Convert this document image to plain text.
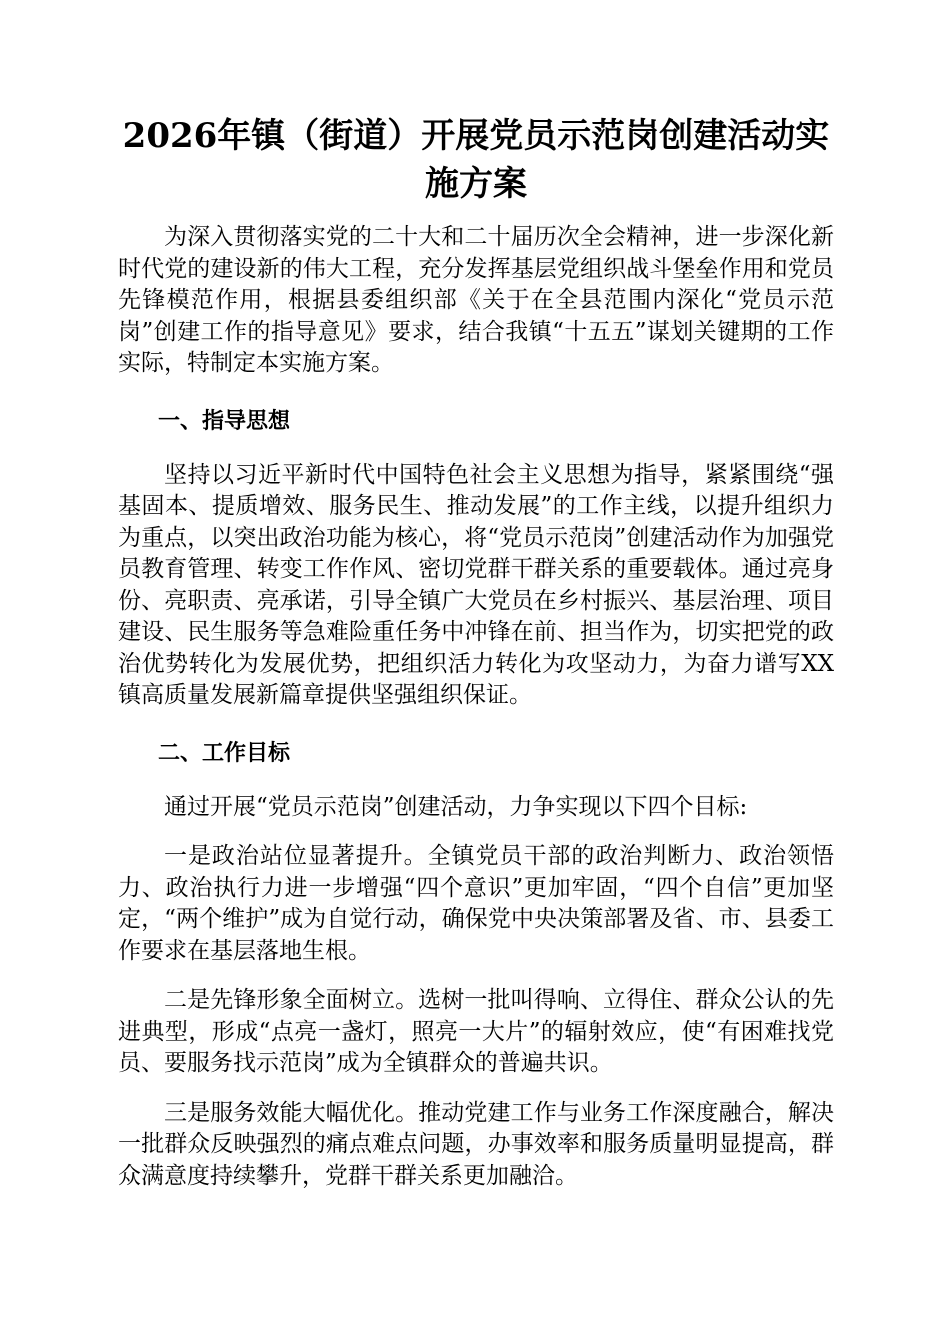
2026年镇（街道）开展党员示范岗创建活动实
施方案

为深入贯彻落实党的二十大和二十届历次全会精神，进一步深化新时代党的建设新的伟大工程，充分发挥基层党组织战斗堡垒作用和党员先锋模范作用，根据县委组织部《关于在全县范围内深化“党员示范岗”创建工作的指导意见》要求，结合我镇“十五五”谋划关键期的工作实际，特制定本实施方案。

一、指导思想

坚持以习近平新时代中国特色社会主义思想为指导，紧紧围绕“强基固本、提质增效、服务民生、推动发展”的工作主线，以提升组织力为重点，以突出政治功能为核心，将“党员示范岗”创建活动作为加强党员教育管理、转变工作作风、密切党群干群关系的重要载体。通过亮身份、亮职责、亮承诺，引导全镇广大党员在乡村振兴、基层治理、项目建设、民生服务等急难险重任务中冲锋在前、担当作为，切实把党的政治优势转化为发展优势，把组织活力转化为攻坚动力，为奋力谱写XX镇高质量发展新篇章提供坚强组织保证。

二、工作目标

通过开展“党员示范岗”创建活动，力争实现以下四个目标:

一是政治站位显著提升。全镇党员干部的政治判断力、政治领悟力、政治执行力进一步增强“四个意识”更加牢固，“四个自信”更加坚定，“两个维护”成为自觉行动，确保党中央决策部署及省、市、县委工作要求在基层落地生根。

二是先锋形象全面树立。选树一批叫得响、立得住、群众公认的先进典型，形成“点亮一盏灯，照亮一大片”的辐射效应，使“有困难找党员、要服务找示范岗”成为全镇群众的普遍共识。

三是服务效能大幅优化。推动党建工作与业务工作深度融合，解决一批群众反映强烈的痛点难点问题，办事效率和服务质量明显提高，群众满意度持续攀升，党群干群关系更加融洽。
